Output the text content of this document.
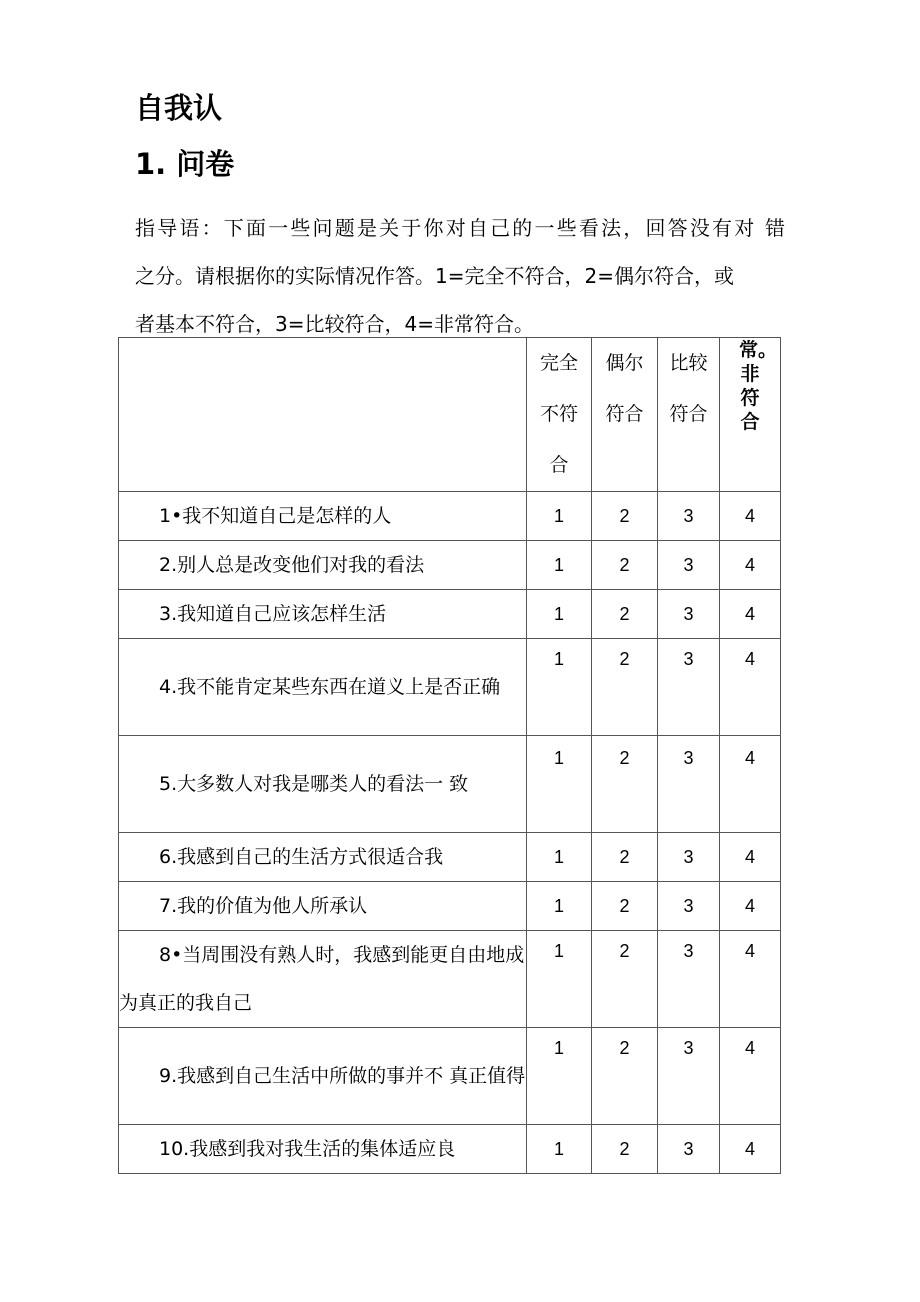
自我认
1. 问卷

指导语：下面一些问题是关于你对自己的一些看法，回答没有对 错
之分。请根据你的实际情况作答。1=完全不符合，2=偶尔符合，或
者基本不符合，3=比较符合，4=非常符合。

	完全不符合	偶尔符合	比较符合	常。非符合

1•我不知道自己是怎样的人	1	2	3	4

2.别人总是改变他们对我的看法	1	2	3	4

3.我知道自己应该怎样生活	1	2	3	4

4.我不能肯定某些东西在道义上是否正确	1	2	3	4

5.大多数人对我是哪类人的看法一 致	1	2	3	4

6.我感到自己的生活方式很适合我	1	2	3	4

7.我的价值为他人所承认	1	2	3	4

8•当周围没有熟人时，我感到能更自由地成为真正的我自己	1	2	3	4

9.我感到自己生活中所做的事并不 真正值得	1	2	3	4

10.我感到我对我生活的集体适应良	1	2	3	4
